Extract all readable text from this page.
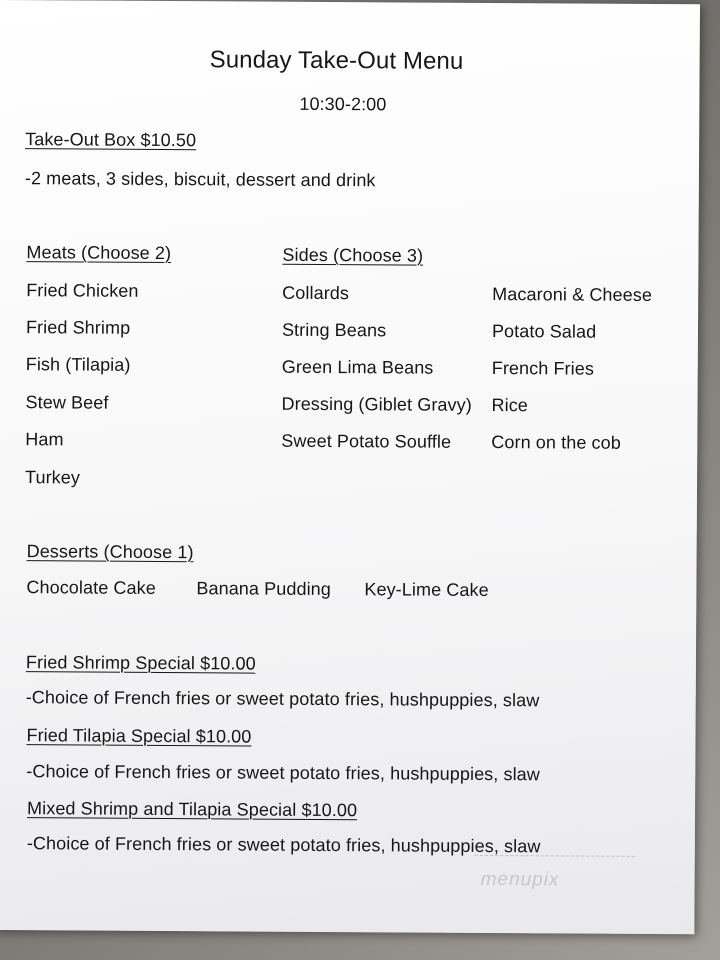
Sunday Take-Out Menu
10:30-2:00
Take-Out Box $10.50
-2 meats, 3 sides, biscuit, dessert and drink
Meats (Choose 2)
Fried Chicken
Fried Shrimp
Fish (Tilapia)
Stew Beef
Ham
Turkey
Sides (Choose 3)
Collards
String Beans
Green Lima Beans
Dressing (Giblet Gravy)
Sweet Potato Souffle
Macaroni & Cheese
Potato Salad
French Fries
Rice
Corn on the cob
Desserts (Choose 1)
Chocolate Cake Banana Pudding Key-Lime Cake
Fried Shrimp Special $10.00
-Choice of French fries or sweet potato fries, hushpuppies, slaw
Fried Tilapia Special $10.00
-Choice of French fries or sweet potato fries, hushpuppies, slaw
Mixed Shrimp and Tilapia Special $10.00
-Choice of French fries or sweet potato fries, hushpuppies, slaw
menupix
